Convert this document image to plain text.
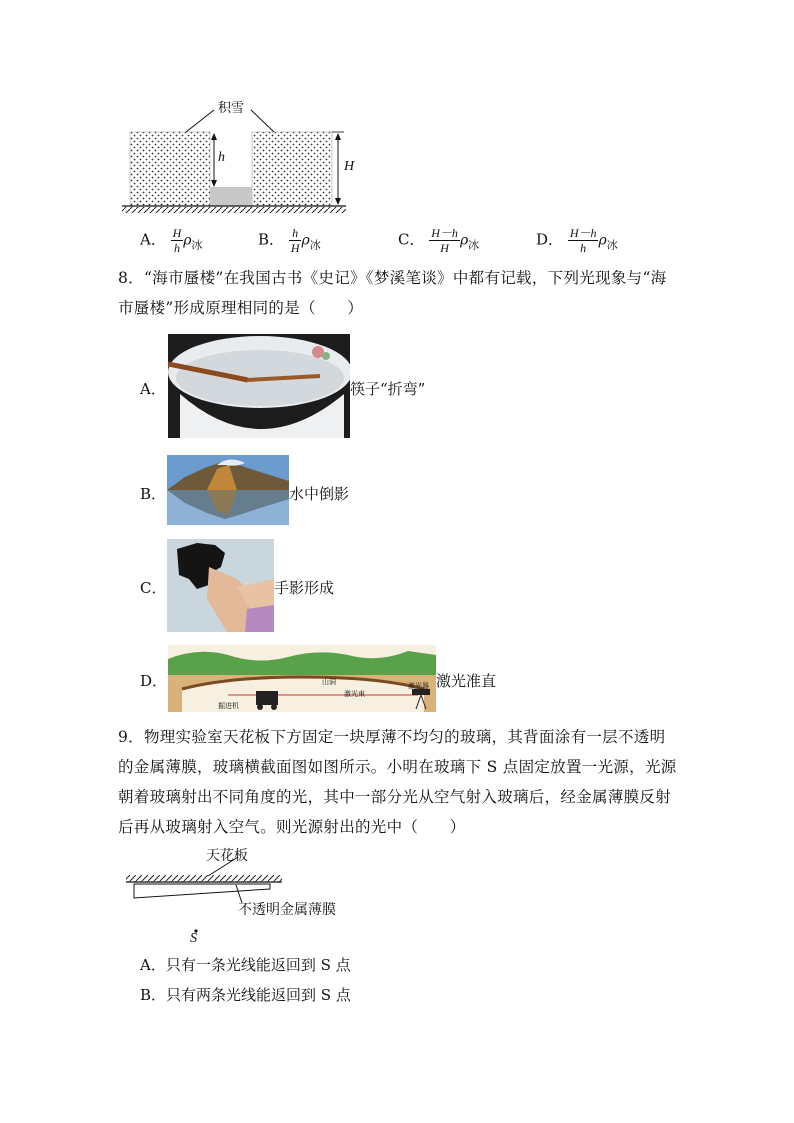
积雪
h
H
A． $\frac{H}{h} \rho_冰$	B． $\frac{h}{H} \rho_冰$	C． $\frac{H-h}{H} \rho_冰$	D． $\frac{H-h}{h} \rho_冰$
8．“海市蜃楼”在我国古书《史记》《梦溪笔谈》中都有记载，下列光现象与“海
市蜃楼”形成原理相同的是（　　）
A．	筷子“折弯”
B．	水中倒影
C．	手影形成
D．	山洞
激光束
激光器
掘进机
激光准直
9．物理实验室天花板下方固定一块厚薄不均匀的玻璃，其背面涂有一层不透明
的金属薄膜，玻璃横截面图如图所示。小明在玻璃下 S 点固定放置一光源，光源
朝着玻璃射出不同角度的光，其中一部分光从空气射入玻璃后，经金属薄膜反射
后再从玻璃射入空气。则光源射出的光中（　　）
天花板
不透明金属薄膜
S
A．只有一条光线能返回到 S 点
B．只有两条光线能返回到 S 点
